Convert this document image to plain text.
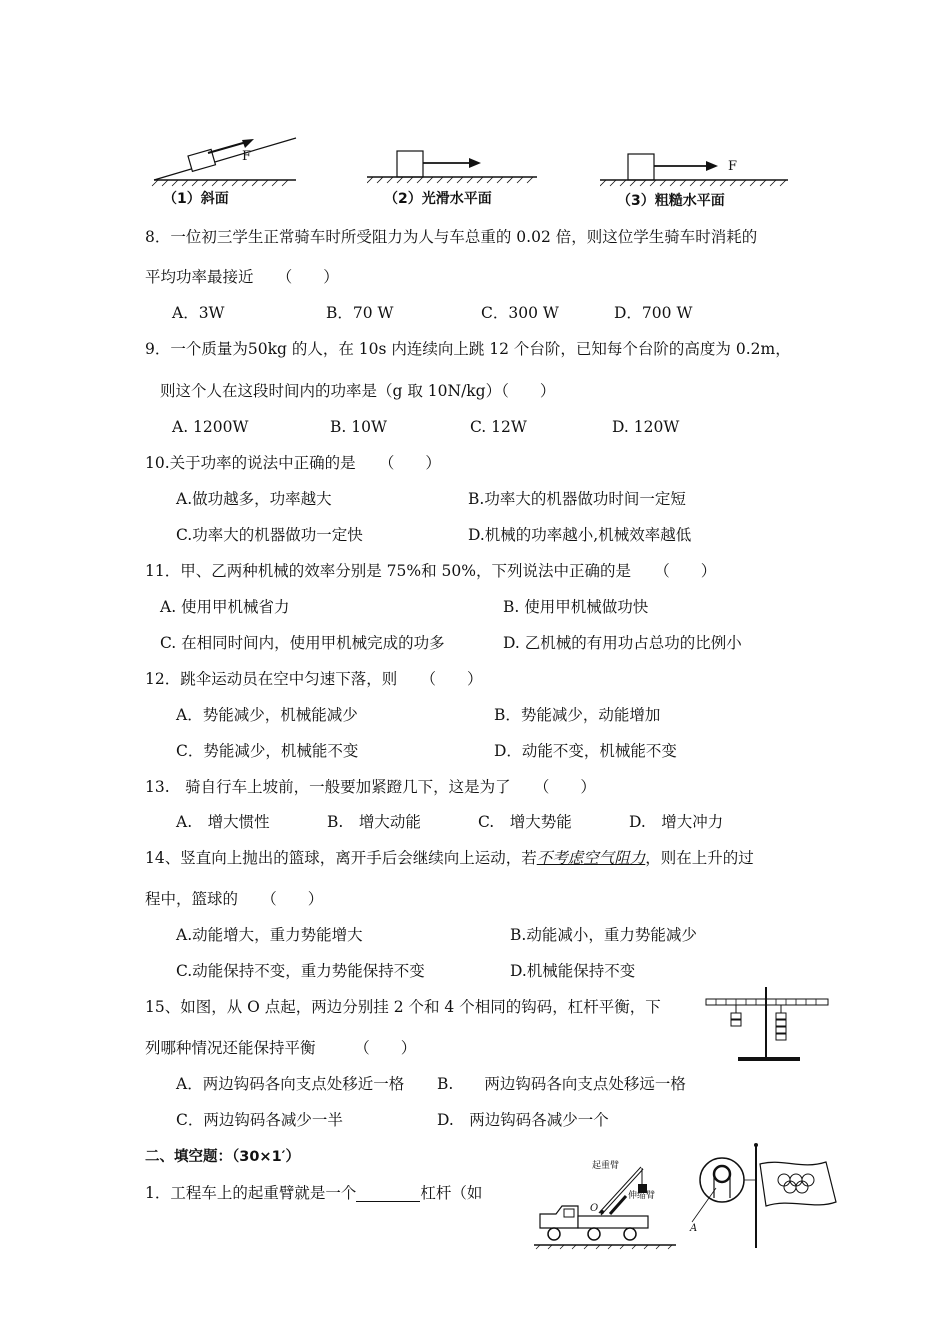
F
（1）斜面	（2）光滑水平面
F
（3）粗糙水平面
8．一位初三学生正常骑车时所受阻力为人与车总重的 0.02 倍，则这位学生骑车时消耗的
平均功率最接近　　（　　）
A．3W	B．70 W	C．300 W	D．700 W
9．一个质量为50kg 的人，在 10s 内连续向上跳 12 个台阶，已知每个台阶的高度为 0.2m，
则这个人在这段时间内的功率是（g 取 10N/kg）（　　）
A. 1200W	B. 10W	C. 12W	D. 120W
10.关于功率的说法中正确的是　　（　　）
A.做功越多，功率越大	B.功率大的机器做功时间一定短
C.功率大的机器做功一定快	D.机械的功率越小,机械效率越低
11．甲、乙两种机械的效率分别是 75%和 50%，下列说法中正确的是　　（　　）
A. 使用甲机械省力	B. 使用甲机械做功快
C. 在相同时间内，使用甲机械完成的功多	D. 乙机械的有用功占总功的比例小
12．跳伞运动员在空中匀速下落，则　　（　　）
A．势能减少，机械能减少	B．势能减少，动能增加
C．势能减少，机械能不变	D．动能不变，机械能不变
13.　骑自行车上坡前，一般要加紧蹬几下，这是为了　　（　　）
A.　增大惯性	B.　增大动能	C.　增大势能	D.　增大冲力
14、竖直向上抛出的篮球，离开手后会继续向上运动，若不考虑空气阻力，则在上升的过
程中，篮球的　　（　　）
A.动能增大，重力势能增大	B.动能减小，重力势能减少
C.动能保持不变，重力势能保持不变	D.机械能保持不变
15、如图，从 O 点起，两边分别挂 2 个和 4 个相同的钩码，杠杆平衡，下
列哪种情况还能保持平衡　　　（　　）
A．两边钩码各向支点处移近一格 B.　　两边钩码各向支点处移远一格
C．两边钩码各减少一半	D.　两边钩码各减少一个
二、填空题：（30×1′）
1．工程车上的起重臂就是一个	杠杆（如
起重臂
伸缩臂
O
A
